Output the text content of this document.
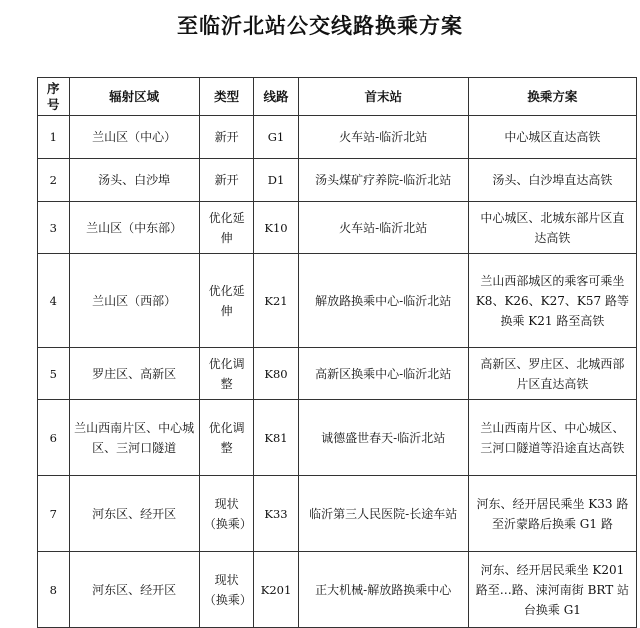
至临沂北站公交线路换乘方案
序号	辐射区域	类型	线路	首末站	换乘方案
1	兰山区（中心）	新开	G1	火车站-临沂北站	中心城区直达高铁
2	汤头、白沙埠	新开	D1	汤头煤矿疗养院-临沂北站	汤头、白沙埠直达高铁
3	兰山区（中东部）	优化延伸	K10	火车站-临沂北站	中心城区、北城东部片区直达高铁
4	兰山区（西部）	优化延伸	K21	解放路换乘中心-临沂北站	兰山西部城区的乘客可乘坐 K8、K26、K27、K57 路等换乘 K21 路至高铁
5	罗庄区、高新区	优化调整	K80	高新区换乘中心-临沂北站	高新区、罗庄区、北城西部片区直达高铁
6	兰山西南片区、中心城区、三河口隧道	优化调整	K81	诚德盛世春天-临沂北站	兰山西南片区、中心城区、三河口隧道等沿途直达高铁
7	河东区、经开区	现状（换乘）	K33	临沂第三人民医院-长途车站	河东、经开居民乘坐 K33 路至沂蒙路后换乘 G1 路
8	河东区、经开区	现状（换乘）	K201	正大机械-解放路换乘中心	河东、经开居民乘坐 K201 路至…路、涑河南街 BRT 站台换乘 G1
